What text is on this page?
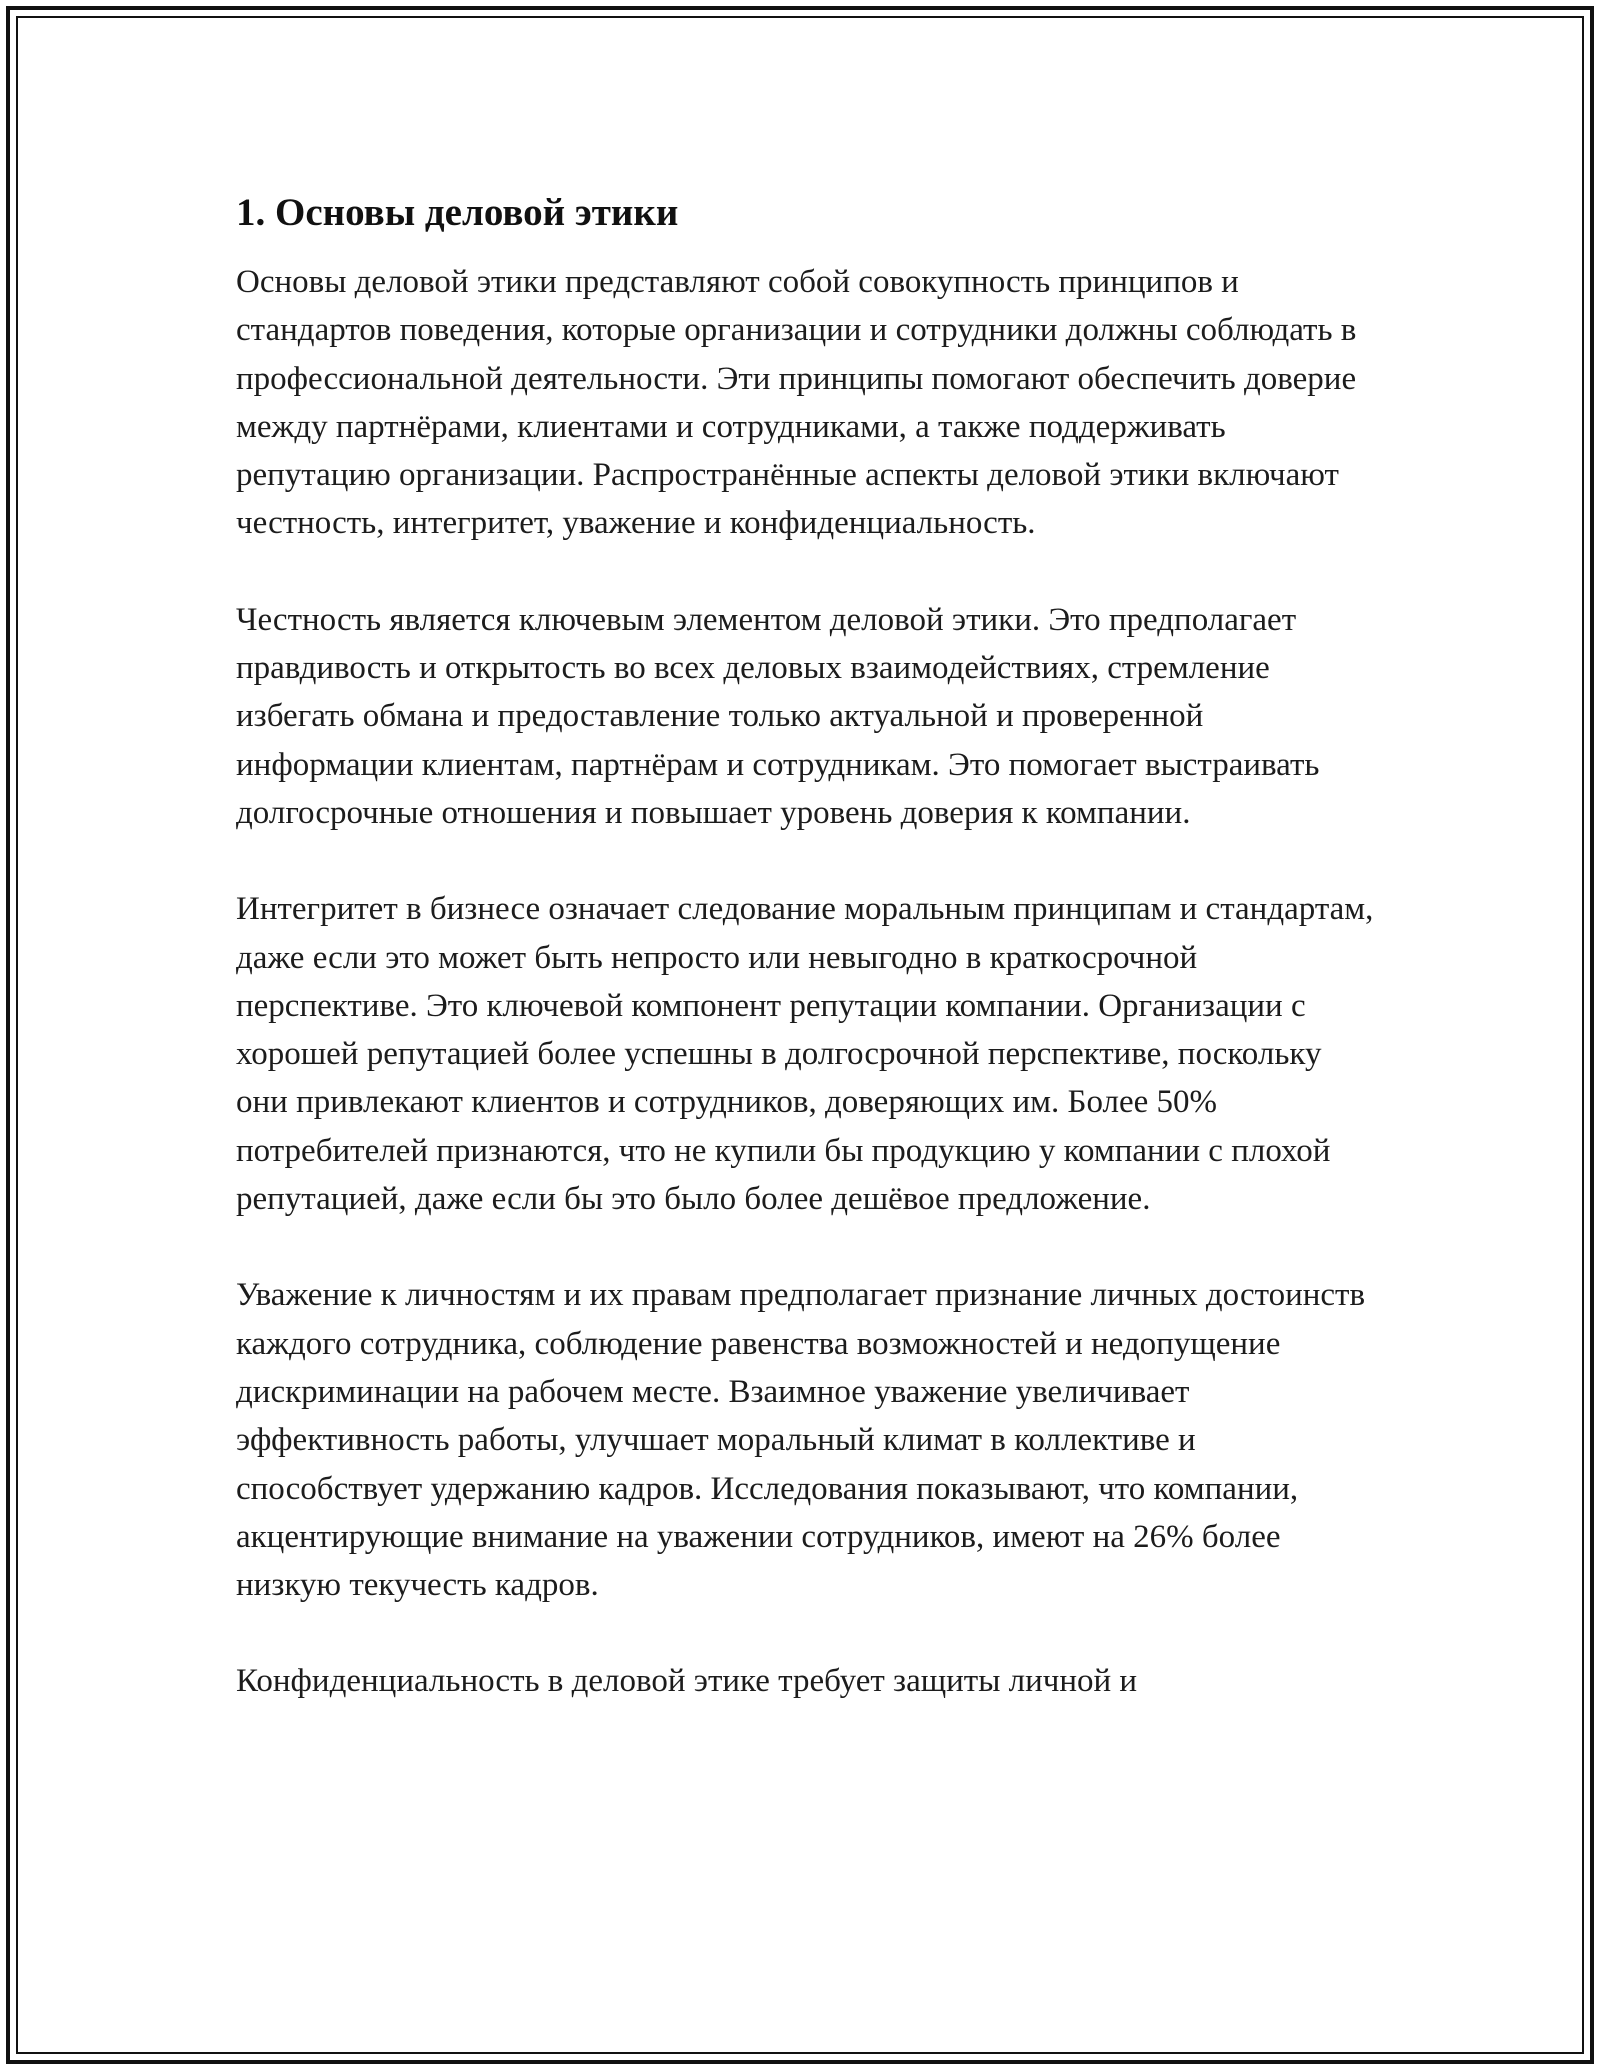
1. Основы деловой этики

Основы деловой этики представляют собой совокупность принципов и стандартов поведения, которые организации и сотрудники должны соблюдать в профессиональной деятельности. Эти принципы помогают обеспечить доверие между партнёрами, клиентами и сотрудниками, а также поддерживать репутацию организации. Распространённые аспекты деловой этики включают честность, интегритет, уважение и конфиденциальность.

Честность является ключевым элементом деловой этики. Это предполагает правдивость и открытость во всех деловых взаимодействиях, стремление избегать обмана и предоставление только актуальной и проверенной информации клиентам, партнёрам и сотрудникам. Это помогает выстраивать долгосрочные отношения и повышает уровень доверия к компании.

Интегритет в бизнесе означает следование моральным принципам и стандартам, даже если это может быть непросто или невыгодно в краткосрочной перспективе. Это ключевой компонент репутации компании. Организации с хорошей репутацией более успешны в долгосрочной перспективе, поскольку они привлекают клиентов и сотрудников, доверяющих им. Более 50% потребителей признаются, что не купили бы продукцию у компании с плохой репутацией, даже если бы это было более дешёвое предложение.

Уважение к личностям и их правам предполагает признание личных достоинств каждого сотрудника, соблюдение равенства возможностей и недопущение дискриминации на рабочем месте. Взаимное уважение увеличивает эффективность работы, улучшает моральный климат в коллективе и способствует удержанию кадров. Исследования показывают, что компании, акцентирующие внимание на уважении сотрудников, имеют на 26% более низкую текучесть кадров.

Конфиденциальность в деловой этике требует защиты личной и
